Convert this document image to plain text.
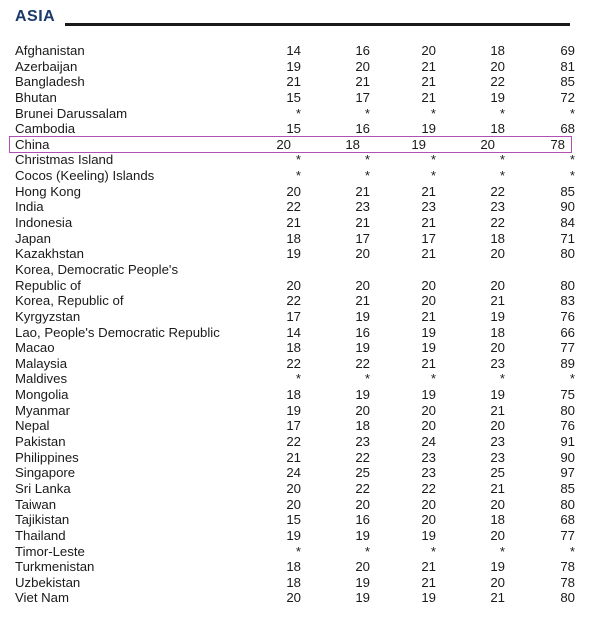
ASIA
Afghanistan	14	16	20	18	69
Azerbaijan	19	20	21	20	81
Bangladesh	21	21	21	22	85
Bhutan	15	17	21	19	72
Brunei Darussalam	*	*	*	*	*
Cambodia	15	16	19	18	68
China	20	18	19	20	78
Christmas Island	*	*	*	*	*
Cocos (Keeling) Islands	*	*	*	*	*
Hong Kong	20	21	21	22	85
India	22	23	23	23	90
Indonesia	21	21	21	22	84
Japan	18	17	17	18	71
Kazakhstan	19	20	21	20	80
Korea, Democratic People's
Republic of	20	20	20	20	80
Korea, Republic of	22	21	20	21	83
Kyrgyzstan	17	19	21	19	76
Lao, People's Democratic Republic	14	16	19	18	66
Macao	18	19	19	20	77
Malaysia	22	22	21	23	89
Maldives	*	*	*	*	*
Mongolia	18	19	19	19	75
Myanmar	19	20	20	21	80
Nepal	17	18	20	20	76
Pakistan	22	23	24	23	91
Philippines	21	22	23	23	90
Singapore	24	25	23	25	97
Sri Lanka	20	22	22	21	85
Taiwan	20	20	20	20	80
Tajikistan	15	16	20	18	68
Thailand	19	19	19	20	77
Timor-Leste	*	*	*	*	*
Turkmenistan	18	20	21	19	78
Uzbekistan	18	19	21	20	78
Viet Nam	20	19	19	21	80
